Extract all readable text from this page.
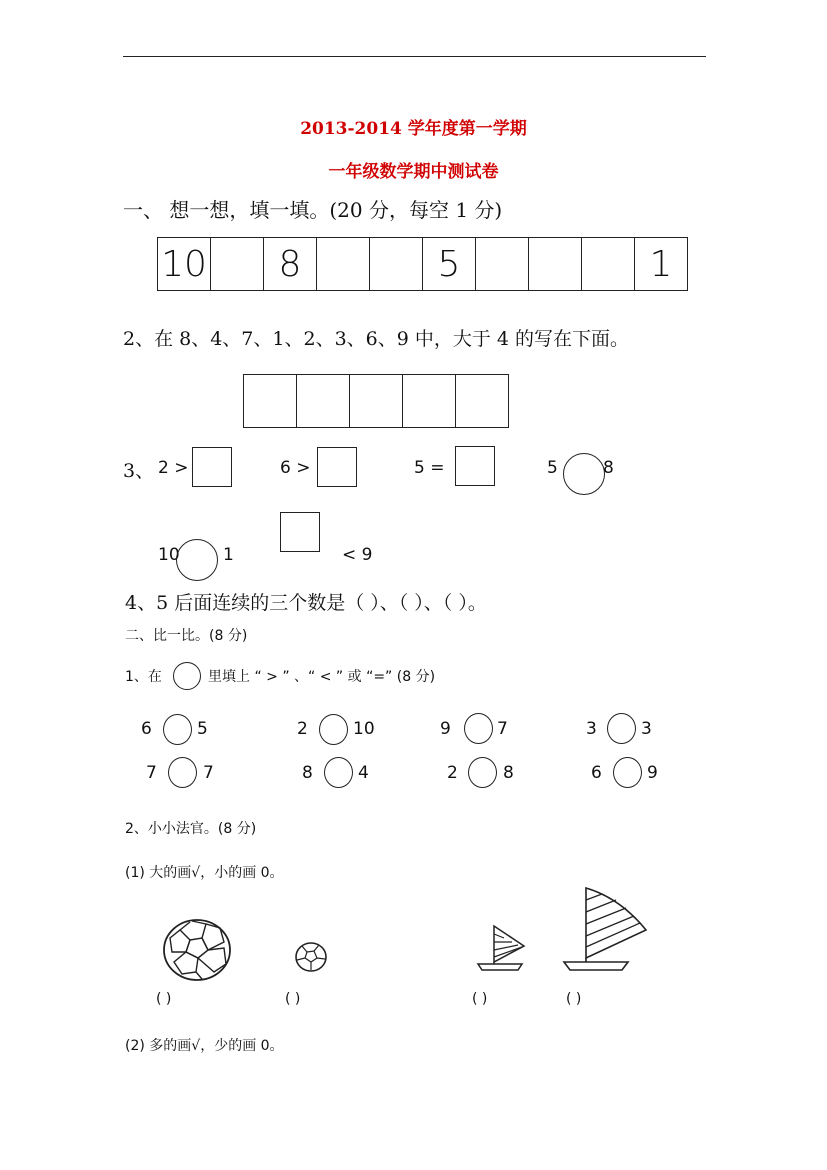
2013-2014 学年度第一学期
一年级数学期中测试卷
一、 想一想，填一填。(20 分，每空 1 分)
10		8			5				1
2、在 8、4、7、1、2、3、6、9 中，大于 4 的写在下面。

3、 2 >	6 >	5 =	5	8
10	1	< 9
4、5 后面连续的三个数是（ ）、（ ）、（ ）。
二、比一比。(8 分)
1、在	里填上 “ > ” 、“ < ” 或 “=” (8 分)
6	5	2	10	9	7	3	3
7	7	8	4	2	8	6	9
2、小小法官。(8 分)
(1) 大的画√，小的画 0。
( )	( )	( )	( )
(2) 多的画√，少的画 0。
